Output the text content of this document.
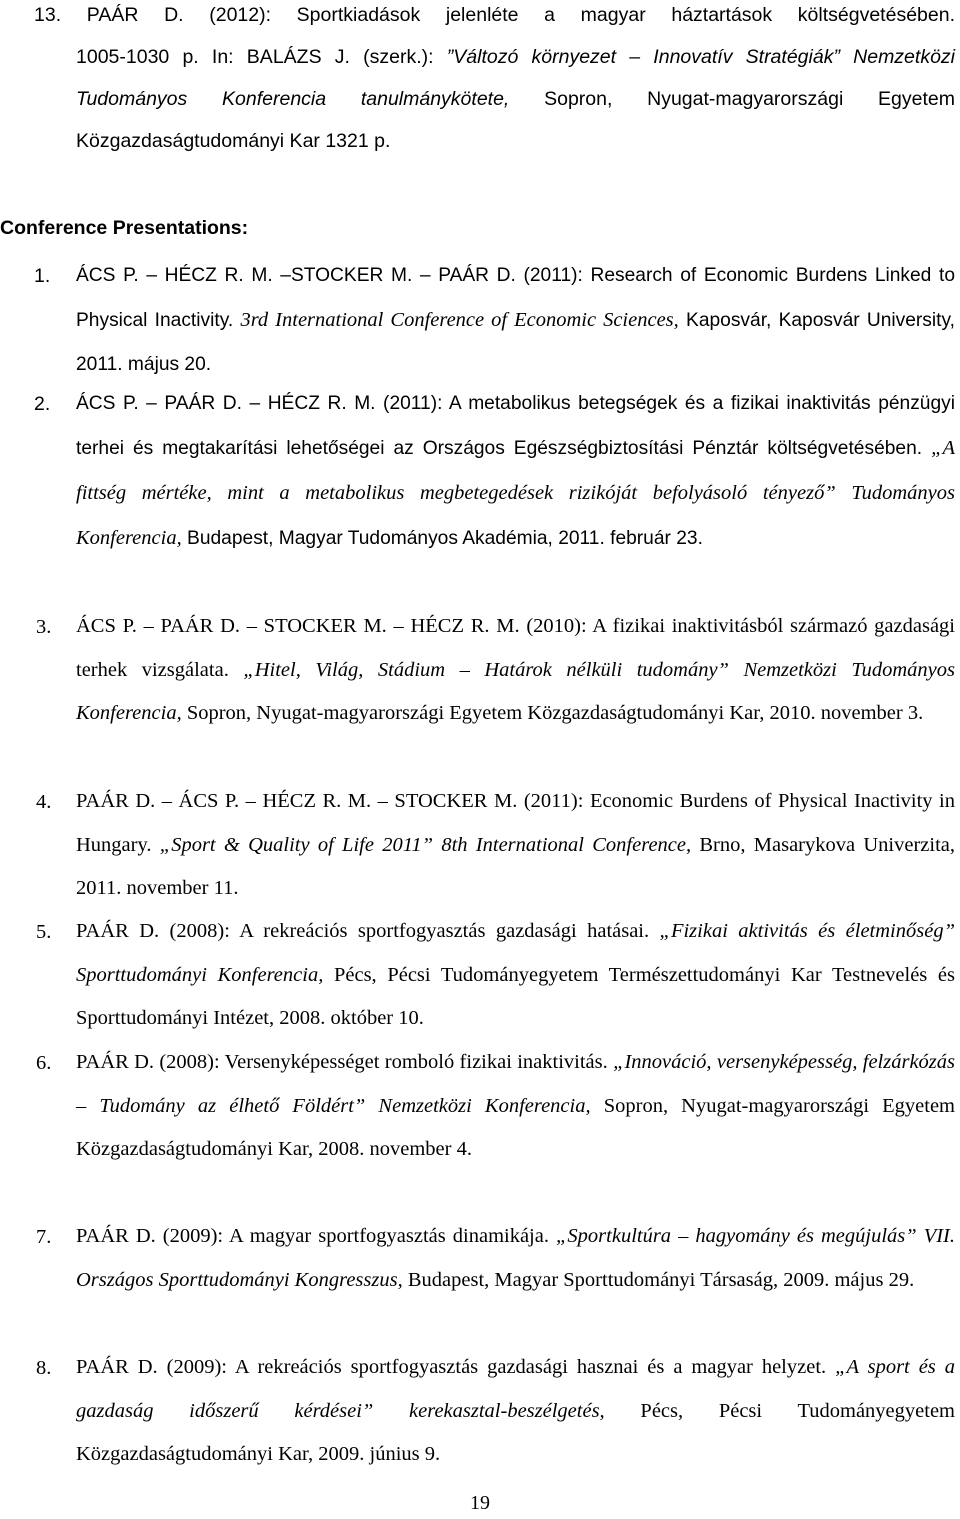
13. PAÁR D. (2012): Sportkiadások jelenléte a magyar háztartások költségvetésében.
1005-1030 p. In: BALÁZS J. (szerk.): ”Változó környezet – Innovatív Stratégiák” Nemzetközi Tudományos Konferencia tanulmánykötete, Sopron, Nyugat-magyarországi Egyetem Közgazdaságtudományi Kar 1321 p.
Conference Presentations:
1. ÁCS P. – HÉCZ R. M. –STOCKER M. – PAÁR D. (2011): Research of Economic Burdens Linked to Physical Inactivity. 3rd International Conference of Economic Sciences, Kaposvár, Kaposvár University, 2011. május 20.
2. ÁCS P. – PAÁR D. – HÉCZ R. M. (2011): A metabolikus betegségek és a fizikai inaktivitás pénzügyi terhei és megtakarítási lehetőségei az Országos Egészségbiztosítási Pénztár költségvetésében. „A fittség mértéke, mint a metabolikus megbetegedések rizikóját befolyásoló tényező” Tudományos Konferencia, Budapest, Magyar Tudományos Akadémia, 2011. február 23.
3. ÁCS P. – PAÁR D. – STOCKER M. – HÉCZ R. M. (2010): A fizikai inaktivitásból származó gazdasági terhek vizsgálata. „Hitel, Világ, Stádium – Határok nélküli tudomány” Nemzetközi Tudományos Konferencia, Sopron, Nyugat-magyarországi Egyetem Közgazdaságtudományi Kar, 2010. november 3.
4. PAÁR D. – ÁCS P. – HÉCZ R. M. – STOCKER M. (2011): Economic Burdens of Physical Inactivity in Hungary. „Sport & Quality of Life 2011” 8th International Conference, Brno, Masarykova Univerzita, 2011. november 11.
5. PAÁR D. (2008): A rekreációs sportfogyasztás gazdasági hatásai. „Fizikai aktivitás és életminőség” Sporttudományi Konferencia, Pécs, Pécsi Tudományegyetem Természettudományi Kar Testnevelés és Sporttudományi Intézet, 2008. október 10.
6. PAÁR D. (2008): Versenyképességet romboló fizikai inaktivitás. „Innováció, versenyképesség, felzárkózás – Tudomány az élhető Földért” Nemzetközi Konferencia, Sopron, Nyugat-magyarországi Egyetem Közgazdaságtudományi Kar, 2008. november 4.
7. PAÁR D. (2009): A magyar sportfogyasztás dinamikája. „Sportkultúra – hagyomány és megújulás” VII. Országos Sporttudományi Kongresszus, Budapest, Magyar Sporttudományi Társaság, 2009. május 29.
8. PAÁR D. (2009): A rekreációs sportfogyasztás gazdasági hasznai és a magyar helyzet. „A sport és a gazdaság időszerű kérdései” kerekasztal-beszélgetés, Pécs, Pécsi Tudományegyetem Közgazdaságtudományi Kar, 2009. június 9.
19
